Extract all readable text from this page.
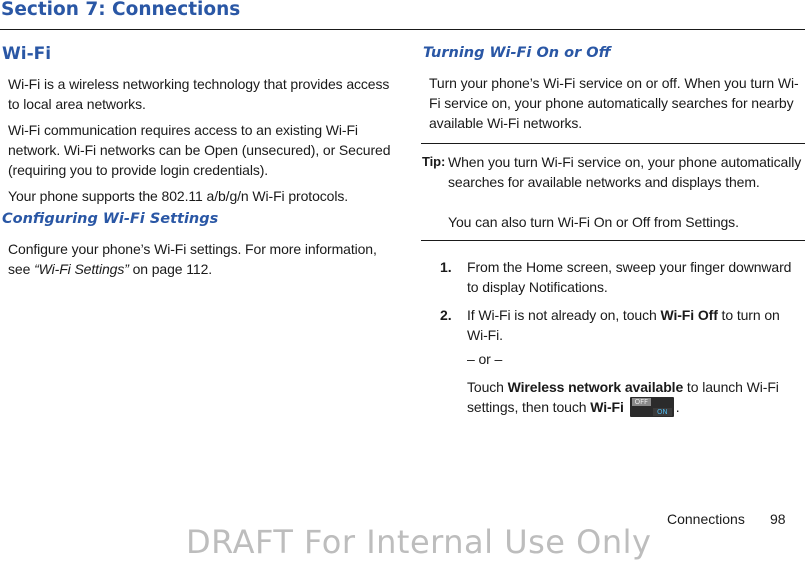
Section 7: Connections
Wi-Fi

Wi-Fi is a wireless networking technology that provides access to local area networks.

Wi-Fi communication requires access to an existing Wi-Fi network. Wi-Fi networks can be Open (unsecured), or Secured (requiring you to provide login credentials).

Your phone supports the 802.11 a/b/g/n Wi-Fi protocols.

Configuring Wi-Fi Settings

Configure your phone’s Wi-Fi settings. For more information, see “Wi-Fi Settings” on page 112.

Turning Wi-Fi On or Off

Turn your phone’s Wi-Fi service on or off. When you turn Wi-Fi service on, your phone automatically searches for nearby available Wi-Fi networks.

Tip: When you turn Wi-Fi service on, your phone automatically searches for available networks and displays them.

You can also turn Wi-Fi On or Off from Settings.

1. From the Home screen, sweep your finger downward to display Notifications.

2. If Wi-Fi is not already on, touch Wi-Fi Off to turn on Wi-Fi.

– or –

Touch Wireless network available to launch Wi-Fi settings, then touch Wi-Fi	OFF
ON .

Connections 98
DRAFT For Internal Use Only
